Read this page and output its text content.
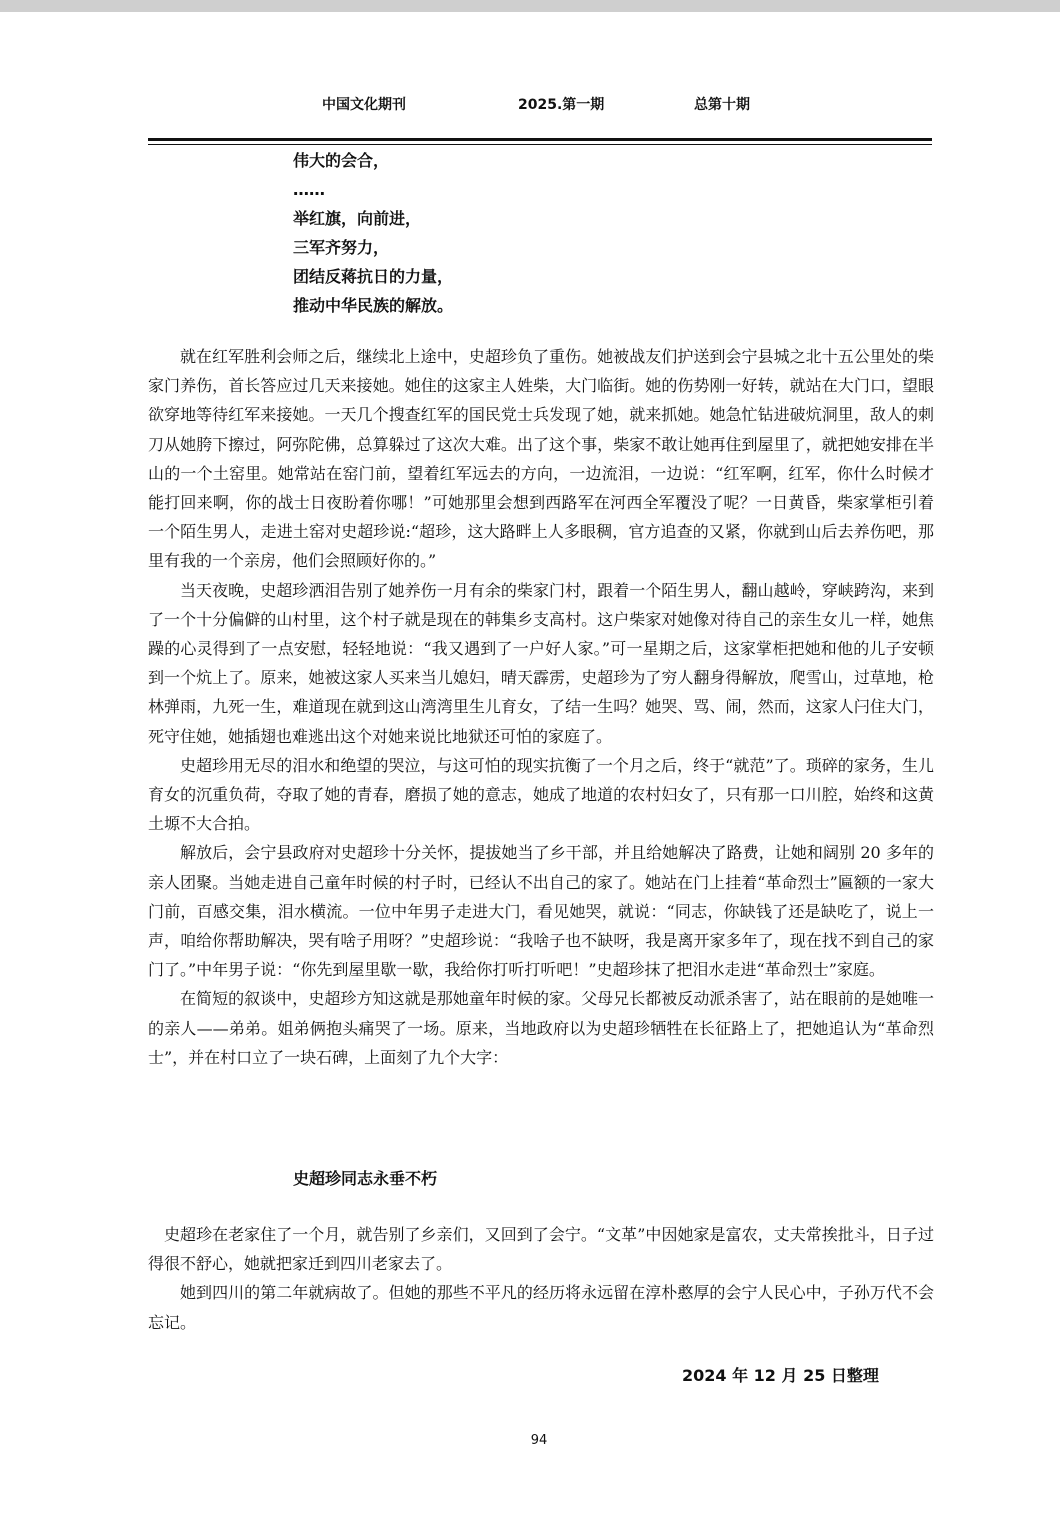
中国文化期刊	2025.第一期	总第十期
伟大的会合，
……
举红旗，向前进，
三军齐努力，
团结反蒋抗日的力量，
推动中华民族的解放。

就在红军胜利会师之后，继续北上途中，史超珍负了重伤。她被战友们护送到会宁县城之北十五公里处的柴家门养伤，首长答应过几天来接她。她住的这家主人姓柴，大门临街。她的伤势刚一好转，就站在大门口，望眼欲穿地等待红军来接她。一天几个搜查红军的国民党士兵发现了她，就来抓她。她急忙钻进破炕洞里，敌人的刺刀从她胯下擦过，阿弥陀佛，总算躲过了这次大难。出了这个事，柴家不敢让她再住到屋里了，就把她安排在半山的一个土窑里。她常站在窑门前，望着红军远去的方向，一边流泪，一边说：“红军啊，红军，你什么时候才能打回来啊，你的战士日夜盼着你哪！”可她那里会想到西路军在河西全军覆没了呢？一日黄昏，柴家掌柜引着一个陌生男人，走进土窑对史超珍说:“超珍，这大路畔上人多眼稠，官方追查的又紧，你就到山后去养伤吧，那里有我的一个亲房，他们会照顾好你的。”

当天夜晚，史超珍洒泪告别了她养伤一月有余的柴家门村，跟着一个陌生男人，翻山越岭，穿峡跨沟，来到了一个十分偏僻的山村里，这个村子就是现在的韩集乡支高村。这户柴家对她像对待自己的亲生女儿一样，她焦躁的心灵得到了一点安慰，轻轻地说：“我又遇到了一户好人家。”可一星期之后，这家掌柜把她和他的儿子安顿到一个炕上了。原来，她被这家人买来当儿媳妇，晴天霹雳，史超珍为了穷人翻身得解放，爬雪山，过草地，枪林弹雨，九死一生，难道现在就到这山湾湾里生儿育女，了结一生吗？她哭、骂、闹，然而，这家人闩住大门，死守住她，她插翅也难逃出这个对她来说比地狱还可怕的家庭了。

史超珍用无尽的泪水和绝望的哭泣，与这可怕的现实抗衡了一个月之后，终于“就范”了。琐碎的家务，生儿育女的沉重负荷，夺取了她的青春，磨损了她的意志，她成了地道的农村妇女了，只有那一口川腔，始终和这黄土塬不大合拍。

解放后，会宁县政府对史超珍十分关怀，提拔她当了乡干部，并且给她解决了路费，让她和阔别 20 多年的亲人团聚。当她走进自己童年时候的村子时，已经认不出自己的家了。她站在门上挂着“革命烈士”匾额的一家大门前，百感交集，泪水横流。一位中年男子走进大门，看见她哭，就说：“同志，你缺钱了还是缺吃了，说上一声，咱给你帮助解决，哭有啥子用呀？”史超珍说：“我啥子也不缺呀，我是离开家多年了，现在找不到自己的家门了。”中年男子说：“你先到屋里歇一歇，我给你打听打听吧！”史超珍抹了把泪水走进“革命烈士”家庭。

在简短的叙谈中，史超珍方知这就是那她童年时候的家。父母兄长都被反动派杀害了，站在眼前的是她唯一的亲人——弟弟。姐弟俩抱头痛哭了一场。原来，当地政府以为史超珍牺牲在长征路上了，把她追认为“革命烈士”，并在村口立了一块石碑，上面刻了九个大字：

史超珍同志永垂不朽

史超珍在老家住了一个月，就告别了乡亲们，又回到了会宁。“文革”中因她家是富农，丈夫常挨批斗，日子过得很不舒心，她就把家迁到四川老家去了。

她到四川的第二年就病故了。但她的那些不平凡的经历将永远留在淳朴憨厚的会宁人民心中，子孙万代不会忘记。

2024 年 12 月 25 日整理
94
